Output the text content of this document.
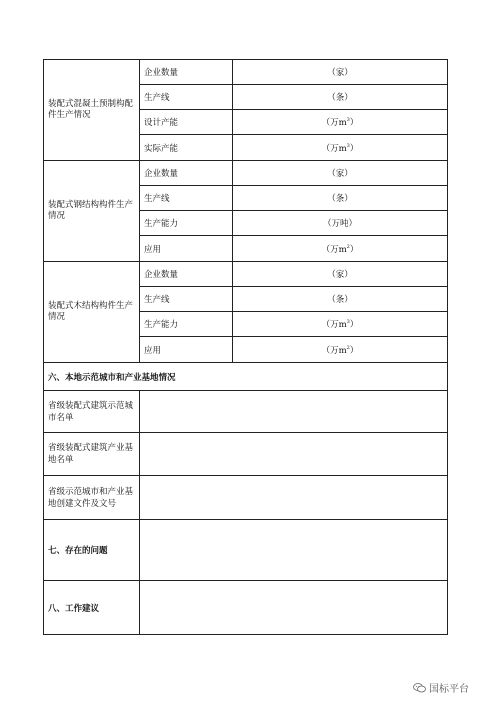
装配式混凝土预制构配件生产情况	企业数量	（家）
	生产线	（条）
	设计产能	（万$m^3$）
	实际产能	（万$m^3$）
装配式钢结构构件生产情况	企业数量	（家）
	生产线	（条）
	生产能力	（万吨）
	应用	（万$m^2$）
装配式木结构构件生产情况	企业数量	（家）
	生产线	（条）
	生产能力	（万$m^3$）
	应用	（万$m^2$）
六、本地示范城市和产业基地情况		
省级装配式建筑示范城市名单		
省级装配式建筑产业基地名单		
省级示范城市和产业基地创建文件及文号		
七、存在的问题		
八、工作建议		
国标平台
